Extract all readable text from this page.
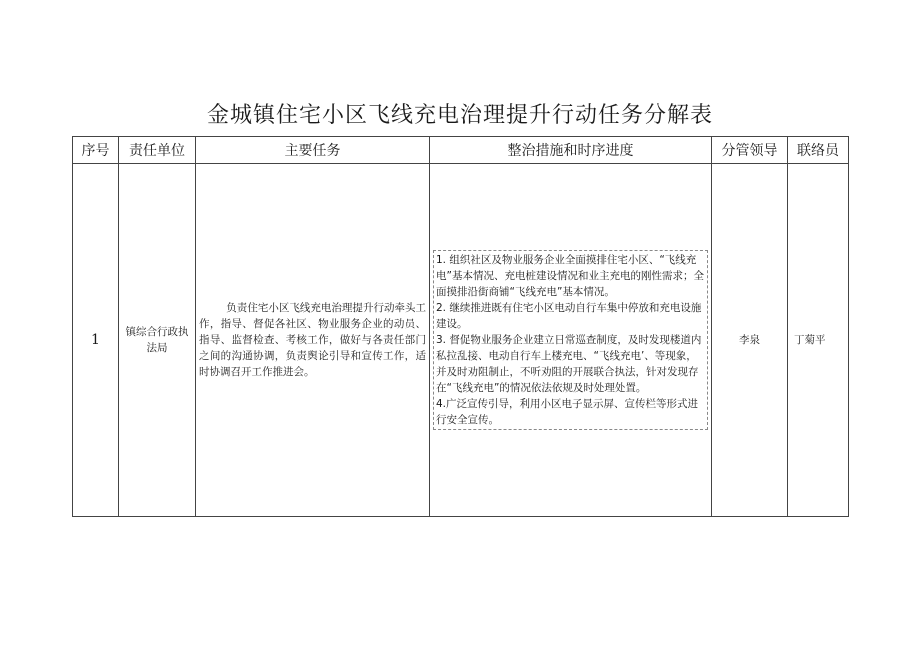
金城镇住宅小区飞线充电治理提升行动任务分解表
序号	责任单位	主要任务	整治措施和时序进度	分管领导	联络员
1	镇综合行政执法局	负责住宅小区飞线充电治理提升行动牵头工作，指导、督促各社区、物业服务企业的动员、指导、监督检查、考核工作，做好与各责任部门之间的沟通协调，负责舆论引导和宣传工作，适时协调召开工作推进会。	1. 组织社区及物业服务企业全面摸排住宅小区、“飞线充电”基本情况、充电桩建设情况和业主充电的刚性需求；全面摸排沿街商铺“飞线充电”基本情况。
2. 继续推进既有住宅小区电动自行车集中停放和充电设施建设。
3. 督促物业服务企业建立日常巡查制度，及时发现楼道内私拉乱接、电动自行车上楼充电、“飞线充电’、等现象，并及时劝阻制止，不听劝阻的开展联合执法，针对发现存在“飞线充电”的情况依法依规及时处理处置。
4.广泛宣传引导，利用小区电子显示屏、宣传栏等形式进行安全宣传。	李泉	丁菊平
